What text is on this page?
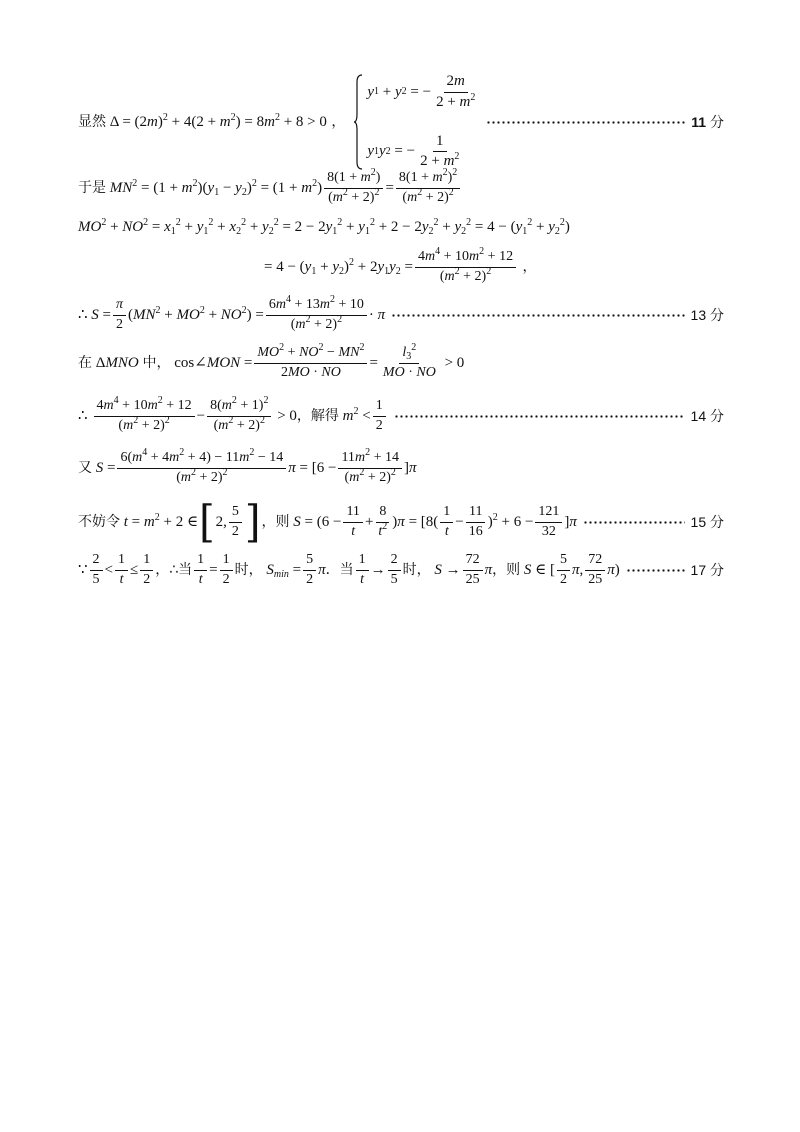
显然 $\Delta = (2m)^2 + 4(2 + m^2) = 8m^2 + 8 > 0$ ，
y 1 + y 2 = − $\frac{2m}{2 + m^2}$
y 1 y 2 = − $\frac{1}{2 + m^2}$
11 分
于是 $MN^2 = (1 + m^2)(y_1 - y_2)^2 = (1 + m^2) \frac{8(1 + m^2)}{(m^2 + 2)^2} = \frac{8(1 + m^2)^2}{(m^2 + 2)^2}$
$MO^2 + NO^2 = x_1^2 + y_1^2 + x_2^2 + y_2^2 = 2 - 2y_1^2 + y_1^2 + 2 - 2y_2^2 + y_2^2 = 4 - (y_1^2 + y_2^2)$
= $4 - (y_1 + y_2)^2 + 2y_1y_2 = \frac{4m^4 + 10m^2 + 12}{(m^2 + 2)^2}$ ，
∴ $S = \frac{\pi}{2} (MN^2 + MO^2 + NO^2) = \frac{6m^4 + 13m^2 + 10}{(m^2 + 2)^2} \cdot \pi$	13 分
在 ΔMNO 中， cos∠MON = $\frac{MO^2 + NO^2 - MN^2}{2MO \cdot NO} = \frac{l_3^2}{MO \cdot NO} > 0$
∴ $\frac{4m^4 + 10m^2 + 12}{(m^2 + 2)^2} - \frac{8(m^2 + 1)^2}{(m^2 + 2)^2} > 0$ ，解得 $m^2 < \frac{1}{2}$	14 分
又 $S = \frac{6(m^4 + 4m^2 + 4) - 11m^2 - 14}{(m^2 + 2)^2}$ $\pi = [6 - \frac{11m^2 + 14}{(m^2 + 2)^2} ]\pi$
不妨令 $t = m^2 + 2$ ∈ [ 2, $\frac{5}{2}$ ] ，则 $S = (6 - \frac{11}{t} + \frac{8}{t^2} )\pi = [8( \frac{1}{t} - \frac{11}{16} )^2 + 6 - \frac{121}{32} ]\pi$	15 分
∵ $\frac{2}{5} < \frac{1}{t} \le \frac{1}{2}$ ，∴当 $\frac{1}{t} = \frac{1}{2}$ 时， $S_{min} = \frac{5}{2}$ π ．当 $\frac{1}{t} \to \frac{2}{5}$ 时， $S \to \frac{72}{25}$ π ，则 S ∈ [ $\frac{5}{2} \pi$, $\frac{72}{25} \pi$)	17 分
